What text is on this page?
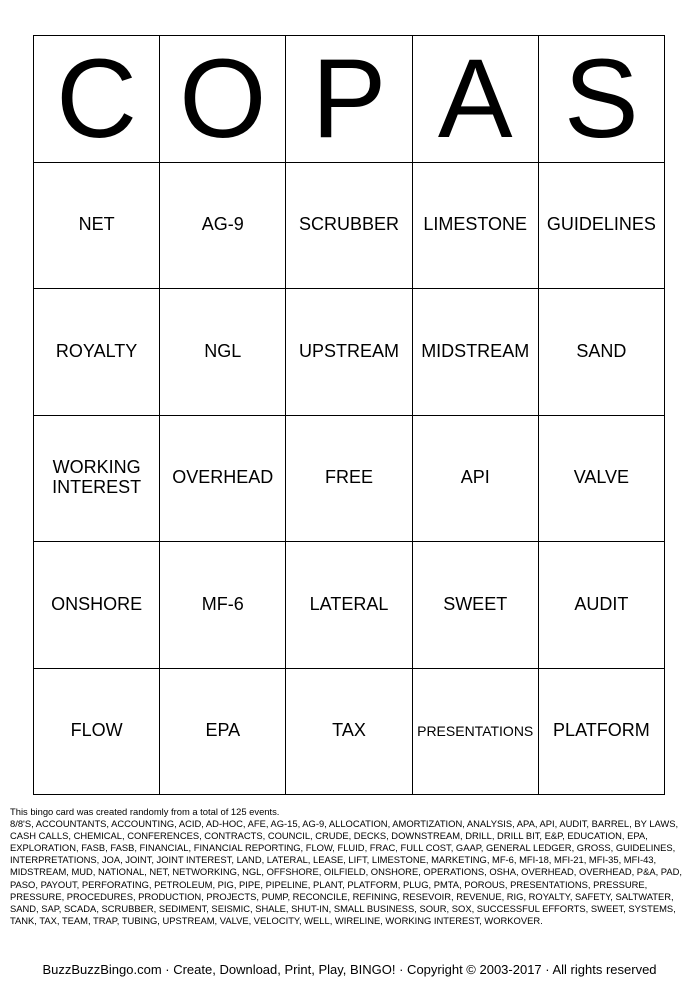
C O P A S
NET	AG-9	SCRUBBER	LIMESTONE	GUIDELINES
ROYALTY	NGL	UPSTREAM	MIDSTREAM	SAND
WORKING INTEREST	OVERHEAD	FREE	API	VALVE
ONSHORE	MF-6	LATERAL	SWEET	AUDIT
FLOW	EPA	TAX	PRESENTATIONS	PLATFORM
This bingo card was created randomly from a total of 125 events.
8/8'S, ACCOUNTANTS, ACCOUNTING, ACID, AD-HOC, AFE, AG-15, AG-9, ALLOCATION, AMORTIZATION, ANALYSIS, APA, API, AUDIT, BARREL, BY LAWS, CASH CALLS, CHEMICAL, CONFERENCES, CONTRACTS, COUNCIL, CRUDE, DECKS, DOWNSTREAM, DRILL, DRILL BIT, E&P, EDUCATION, EPA, EXPLORATION, FASB, FASB, FINANCIAL, FINANCIAL REPORTING, FLOW, FLUID, FRAC, FULL COST, GAAP, GENERAL LEDGER, GROSS, GUIDELINES, INTERPRETATIONS, JOA, JOINT, JOINT INTEREST, LAND, LATERAL, LEASE, LIFT, LIMESTONE, MARKETING, MF-6, MFI-18, MFI-21, MFI-35, MFI-43, MIDSTREAM, MUD, NATIONAL, NET, NETWORKING, NGL, OFFSHORE, OILFIELD, ONSHORE, OPERATIONS, OSHA, OVERHEAD, OVERHEAD, P&A, PAD, PASO, PAYOUT, PERFORATING, PETROLEUM, PIG, PIPE, PIPELINE, PLANT, PLATFORM, PLUG, PMTA, POROUS, PRESENTATIONS, PRESSURE, PRESSURE, PROCEDURES, PRODUCTION, PROJECTS, PUMP, RECONCILE, REFINING, RESEVOIR, REVENUE, RIG, ROYALTY, SAFETY, SALTWATER, SAND, SAP, SCADA, SCRUBBER, SEDIMENT, SEISMIC, SHALE, SHUT-IN, SMALL BUSINESS, SOUR, SOX, SUCCESSFUL EFFORTS, SWEET, SYSTEMS, TANK, TAX, TEAM, TRAP, TUBING, UPSTREAM, VALVE, VELOCITY, WELL, WIRELINE, WORKING INTEREST, WORKOVER.
BuzzBuzzBingo.com · Create, Download, Print, Play, BINGO! · Copyright © 2003-2017 · All rights reserved
